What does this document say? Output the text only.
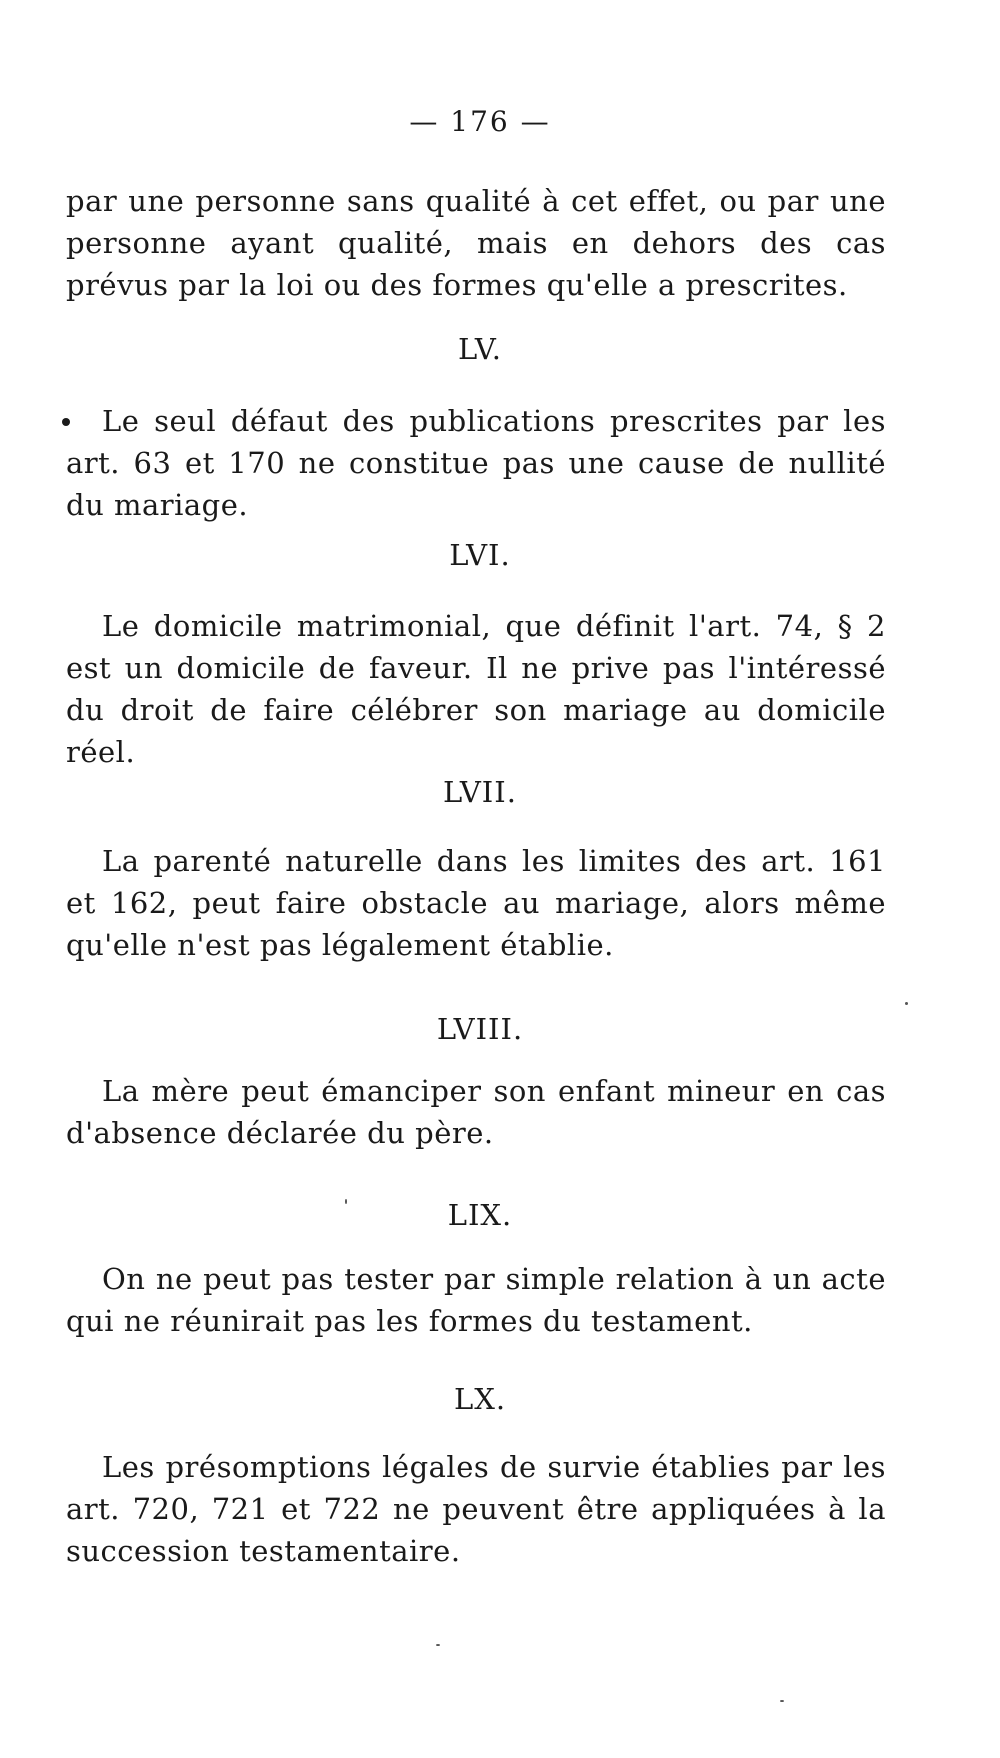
— 176 —
par une personne sans qualité à cet effet, ou par une personne ayant qualité, mais en dehors des cas prévus par la loi ou des formes qu'elle a prescrites.
LV.
Le seul défaut des publications prescrites par les art. 63 et 170 ne constitue pas une cause de nullité du mariage.
LVI.
Le domicile matrimonial, que définit l'art. 74, § 2 est un domicile de faveur. Il ne prive pas l'intéressé du droit de faire célébrer son mariage au domicile réel.
LVII.
La parenté naturelle dans les limites des art. 161 et 162, peut faire obstacle au mariage, alors même qu'elle n'est pas légalement établie.
LVIII.
La mère peut émanciper son enfant mineur en cas d'absence déclarée du père.
LIX.
On ne peut pas tester par simple relation à un acte qui ne réunirait pas les formes du testament.
LX.
Les présomptions légales de survie établies par les art. 720, 721 et 722 ne peuvent être appliquées à la succession testamentaire.
